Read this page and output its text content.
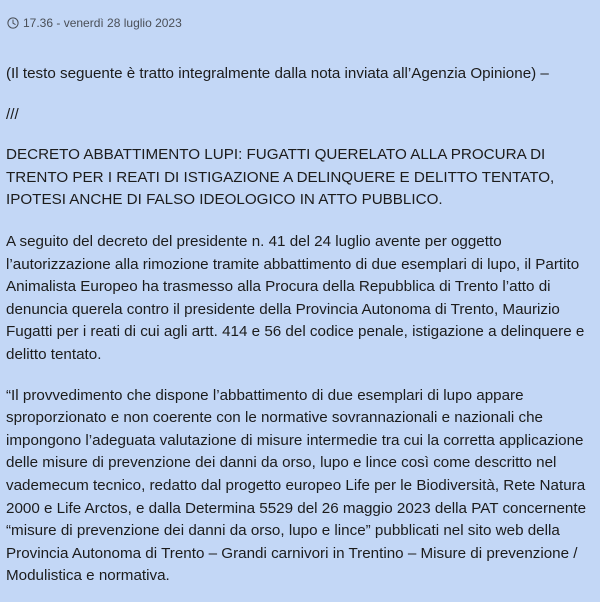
17.36 - venerdì 28 luglio 2023

(Il testo seguente è tratto integralmente dalla nota inviata all’Agenzia Opinione) –

///

DECRETO ABBATTIMENTO LUPI: FUGATTI QUERELATO ALLA PROCURA DI TRENTO PER I REATI DI ISTIGAZIONE A DELINQUERE E DELITTO TENTATO, IPOTESI ANCHE DI FALSO IDEOLOGICO IN ATTO PUBBLICO.

A seguito del decreto del presidente n. 41 del 24 luglio avente per oggetto l’autorizzazione alla rimozione tramite abbattimento di due esemplari di lupo, il Partito Animalista Europeo ha trasmesso alla Procura della Repubblica di Trento l’atto di denuncia querela contro il presidente della Provincia Autonoma di Trento, Maurizio Fugatti per i reati di cui agli artt. 414 e 56 del codice penale, istigazione a delinquere e delitto tentato.

“Il provvedimento che dispone l’abbattimento di due esemplari di lupo appare sproporzionato e non coerente con le normative sovrannazionali e nazionali che impongono l’adeguata valutazione di misure intermedie tra cui la corretta applicazione delle misure di prevenzione dei danni da orso, lupo e lince così come descritto nel vademecum tecnico, redatto dal progetto europeo Life per le Biodiversità, Rete Natura 2000 e Life Arctos, e dalla Determina 5529 del 26 maggio 2023 della PAT concernente “misure di prevenzione dei danni da orso, lupo e lince” pubblicati nel sito web della Provincia Autonoma di Trento – Grandi carnivori in Trentino – Misure di prevenzione / Modulistica e normativa.
